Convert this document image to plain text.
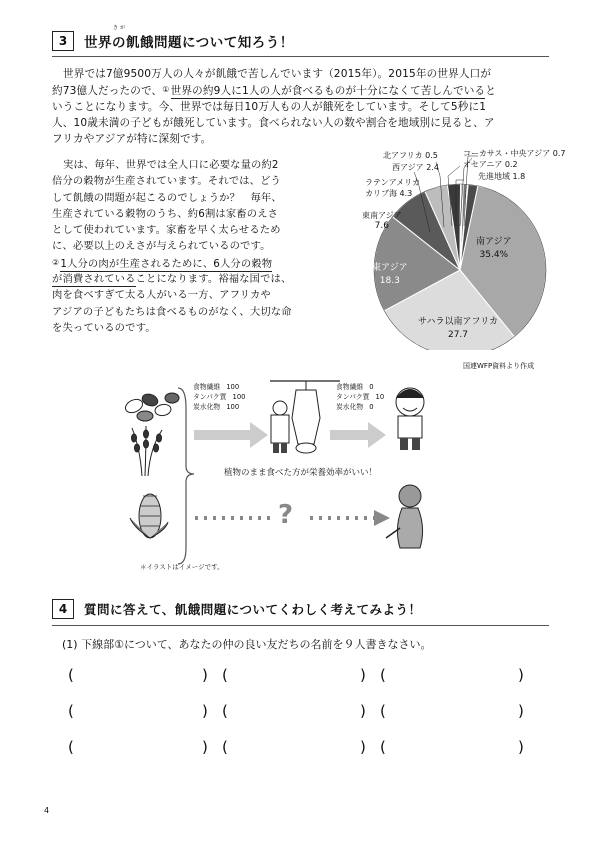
3	世界の飢餓問題について知ろう！
きが
世界では7億9500万人の人々が飢餓で苦しんでいます（2015年）。2015年の世界人口が
約73億人だったので、①世界の約9人に1人の人が食べるものが十分になくて苦しんでいると
いうことになります。今、世界では毎日10万人もの人が餓死をしています。そして5秒に1
人、10歳未満の子どもが餓死しています。食べられない人の数や割合を地域別に見ると、ア
フリカやアジアが特に深刻です。
実は、毎年、世界では全人口に必要な量の約2
倍分の穀物が生産されています。それでは、どう
して飢餓の問題が起こるのでしょうか？　毎年、
生産されている穀物のうち、約6割は家畜のえさ
として使われています。家畜を早く太らせるため
に、必要以上のえさが与えられているのです。
②1人分の肉が生産されるために、6人分の穀物
が消費されていることになります。裕福な国では、
肉を食べすぎて太る人がいる一方、アフリカや
アジアの子どもたちは食べるものがなく、大切な命
を失っているのです。
北アフリカ 0.5
西アジア 2.4
コーカサス・中央アジア 0.7
オセアニア 0.2
先進地域 1.8
ラテンアメリカ
カリブ海 4.3
東南アジア
7.6
南アジア
35.4%
東アジア
18.3
サハラ以南アフリカ
27.7
国連WFP資料より作成
食物繊維 100
タンパク質 100
炭水化物 100
食物繊維 0
タンパク質 10
炭水化物 0
植物のまま食べた方が栄養効率がいい！
?
＊イラストはイメージです。
4	質問に答えて、飢餓問題についてくわしく考えてみよう！
(1) 下線部①について、あなたの仲の良い友だちの名前を９人書きなさい。
(	) (	) (	)
(	) (	) (	)
(	) (	) (	)
4
